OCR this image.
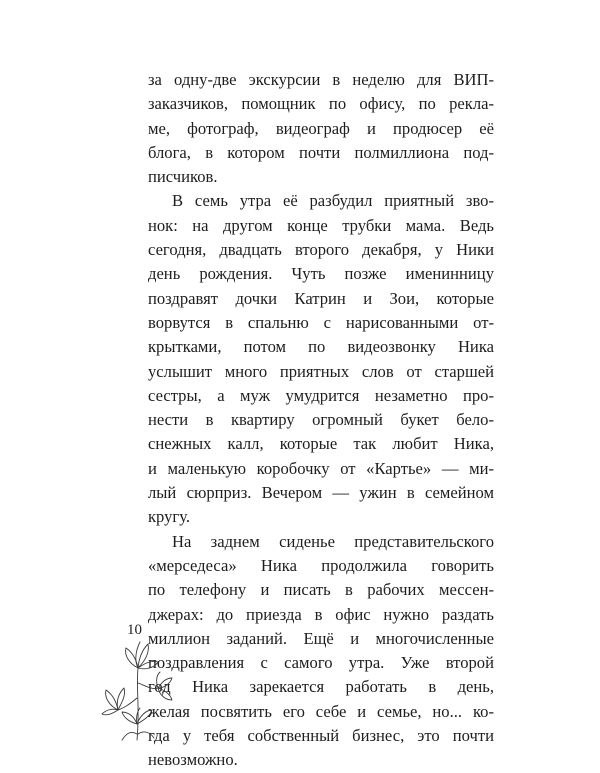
за одну-две экскурсии в неделю для ВИП-
заказчиков, помощник по офису, по рекла-
ме, фотограф, видеограф и продюсер её
блога, в котором почти полмиллиона под-
писчиков.
В семь утра её разбудил приятный зво-
нок: на другом конце трубки мама. Ведь
сегодня, двадцать второго декабря, у Ники
день рождения. Чуть позже именинницу
поздравят дочки Катрин и Зои, которые
ворвутся в спальню с нарисованными от-
крытками, потом по видеозвонку Ника
услышит много приятных слов от старшей
сестры, а муж умудрится незаметно про-
нести в квартиру огромный букет бело-
снежных калл, которые так любит Ника,
и маленькую коробочку от «Картье» — ми-
лый сюрприз. Вечером — ужин в семейном
кругу.
На заднем сиденье представительского
«мерседеса» Ника продолжила говорить
по телефону и писать в рабочих мессен-
джерах: до приезда в офис нужно раздать
миллион заданий. Ещё и многочисленные
поздравления с самого утра. Уже второй
год Ника зарекается работать в день,
желая посвятить его себе и семье, но... ко-
гда у тебя собственный бизнес, это почти
невозможно.
10
